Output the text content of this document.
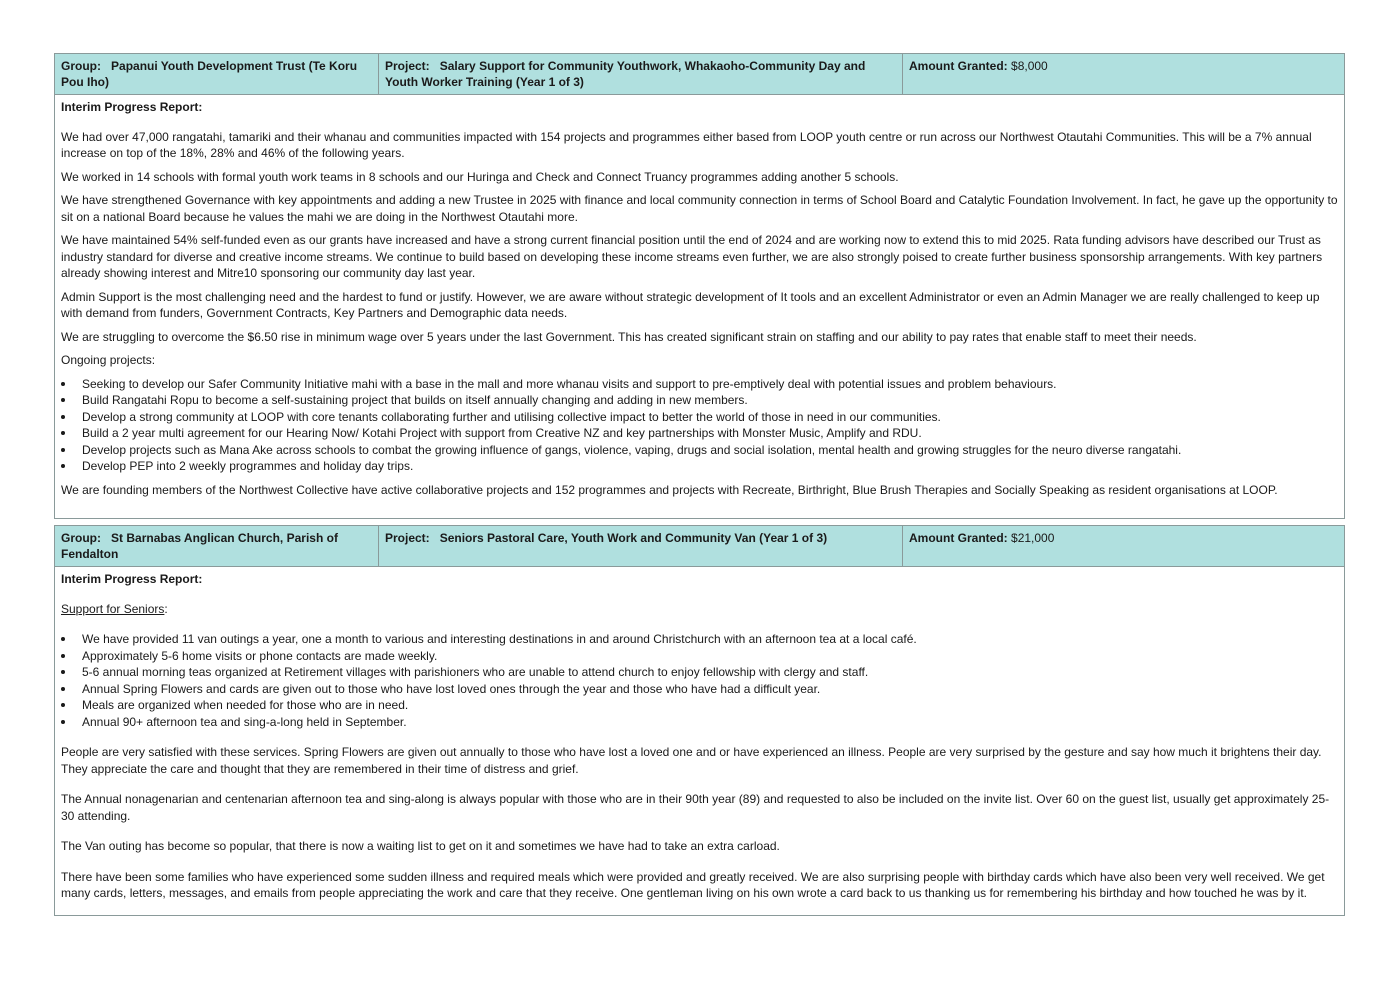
Group: Papanui Youth Development Trust (Te Koru Pou Iho)
Project: Salary Support for Community Youthwork, Whakaoho-Community Day and Youth Worker Training (Year 1 of 3)
Amount Granted: $8,000

Interim Progress Report:

We had over 47,000 rangatahi, tamariki and their whanau and communities impacted with 154 projects and programmes either based from LOOP youth centre or run across our Northwest Otautahi Communities. This will be a 7% annual increase on top of the 18%, 28% and 46% of the following years.

We worked in 14 schools with formal youth work teams in 8 schools and our Huringa and Check and Connect Truancy programmes adding another 5 schools.

We have strengthened Governance with key appointments and adding a new Trustee in 2025 with finance and local community connection in terms of School Board and Catalytic Foundation Involvement. In fact, he gave up the opportunity to sit on a national Board because he values the mahi we are doing in the Northwest Otautahi more.

We have maintained 54% self-funded even as our grants have increased and have a strong current financial position until the end of 2024 and are working now to extend this to mid 2025. Rata funding advisors have described our Trust as industry standard for diverse and creative income streams. We continue to build based on developing these income streams even further, we are also strongly poised to create further business sponsorship arrangements. With key partners already showing interest and Mitre10 sponsoring our community day last year.

Admin Support is the most challenging need and the hardest to fund or justify. However, we are aware without strategic development of It tools and an excellent Administrator or even an Admin Manager we are really challenged to keep up with demand from funders, Government Contracts, Key Partners and Demographic data needs.

We are struggling to overcome the $6.50 rise in minimum wage over 5 years under the last Government. This has created significant strain on staffing and our ability to pay rates that enable staff to meet their needs.

Ongoing projects:

Seeking to develop our Safer Community Initiative mahi with a base in the mall and more whanau visits and support to pre-emptively deal with potential issues and problem behaviours.
Build Rangatahi Ropu to become a self-sustaining project that builds on itself annually changing and adding in new members.
Develop a strong community at LOOP with core tenants collaborating further and utilising collective impact to better the world of those in need in our communities.
Build a 2 year multi agreement for our Hearing Now/ Kotahi Project with support from Creative NZ and key partnerships with Monster Music, Amplify and RDU.
Develop projects such as Mana Ake across schools to combat the growing influence of gangs, violence, vaping, drugs and social isolation, mental health and growing struggles for the neuro diverse rangatahi.
Develop PEP into 2 weekly programmes and holiday day trips.

We are founding members of the Northwest Collective have active collaborative projects and 152 programmes and projects with Recreate, Birthright, Blue Brush Therapies and Socially Speaking as resident organisations at LOOP.

Group: St Barnabas Anglican Church, Parish of Fendalton
Project: Seniors Pastoral Care, Youth Work and Community Van (Year 1 of 3)	Amount Granted: $21,000

Interim Progress Report:

Support for Seniors:

We have provided 11 van outings a year, one a month to various and interesting destinations in and around Christchurch with an afternoon tea at a local café.
Approximately 5-6 home visits or phone contacts are made weekly.
5-6 annual morning teas organized at Retirement villages with parishioners who are unable to attend church to enjoy fellowship with clergy and staff.
Annual Spring Flowers and cards are given out to those who have lost loved ones through the year and those who have had a difficult year.
Meals are organized when needed for those who are in need.
Annual 90+ afternoon tea and sing-a-long held in September.

People are very satisfied with these services. Spring Flowers are given out annually to those who have lost a loved one and or have experienced an illness. People are very surprised by the gesture and say how much it brightens their day. They appreciate the care and thought that they are remembered in their time of distress and grief.

The Annual nonagenarian and centenarian afternoon tea and sing-along is always popular with those who are in their 90th year (89) and requested to also be included on the invite list. Over 60 on the guest list, usually get approximately 25-30 attending.

The Van outing has become so popular, that there is now a waiting list to get on it and sometimes we have had to take an extra carload.

There have been some families who have experienced some sudden illness and required meals which were provided and greatly received. We are also surprising people with birthday cards which have also been very well received. We get many cards, letters, messages, and emails from people appreciating the work and care that they receive. One gentleman living on his own wrote a card back to us thanking us for remembering his birthday and how touched he was by it.
